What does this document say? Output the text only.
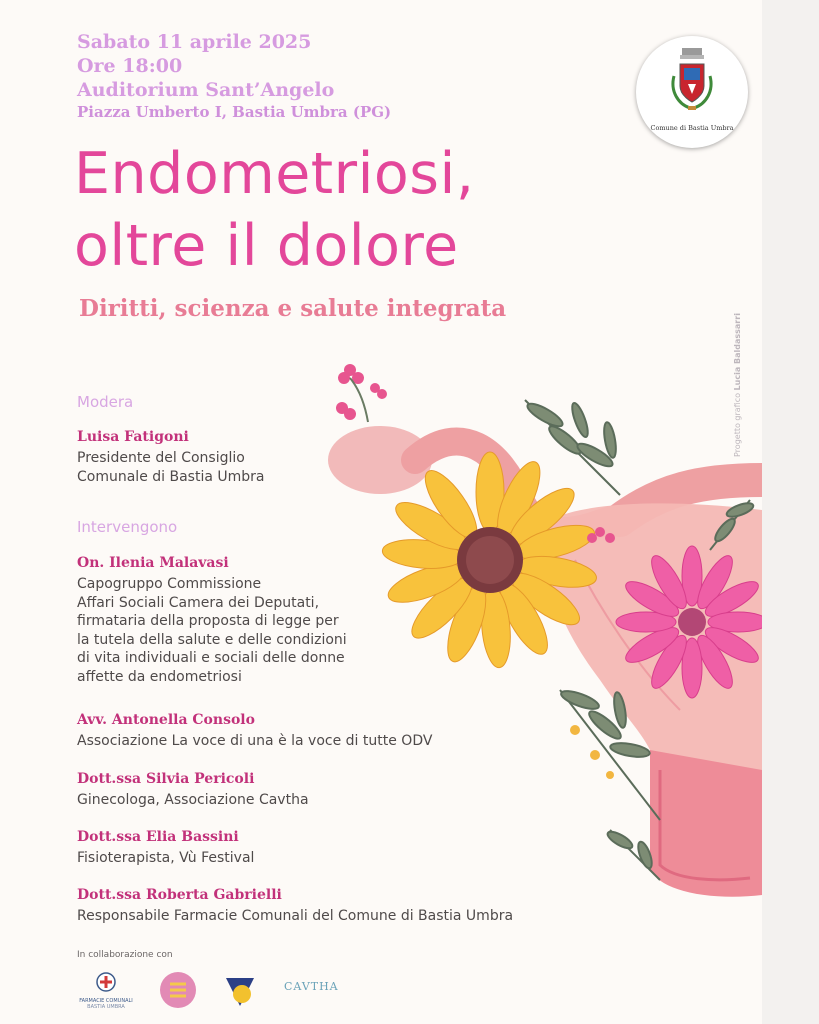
Sabato 11 aprile 2025
Ore 18:00
Auditorium Sant’Angelo
Piazza Umberto I, Bastia Umbra (PG)
Comune di Bastia Umbra
Endometriosi,
oltre il dolore
Diritti, scienza e salute integrata
Progetto grafico Lucia Baldassarri
Modera
Luisa Fatigoni
Presidente del Consiglio
Comunale di Bastia Umbra
Intervengono
On. Ilenia Malavasi
Capogruppo Commissione
Affari Sociali Camera dei Deputati,
firmataria della proposta di legge per
la tutela della salute e delle condizioni
di vita individuali e sociali delle donne
affette da endometriosi
Avv. Antonella Consolo
Associazione La voce di una è la voce di tutte ODV
Dott.ssa Silvia Pericoli
Ginecologa, Associazione Cavtha
Dott.ssa Elia Bassini
Fisioterapista, Vù Festival
Dott.ssa Roberta Gabrielli
Responsabile Farmacie Comunali del Comune di Bastia Umbra
In collaborazione con
FARMACIE COMUNALI
BASTIA UMBRA
CAVTHA
